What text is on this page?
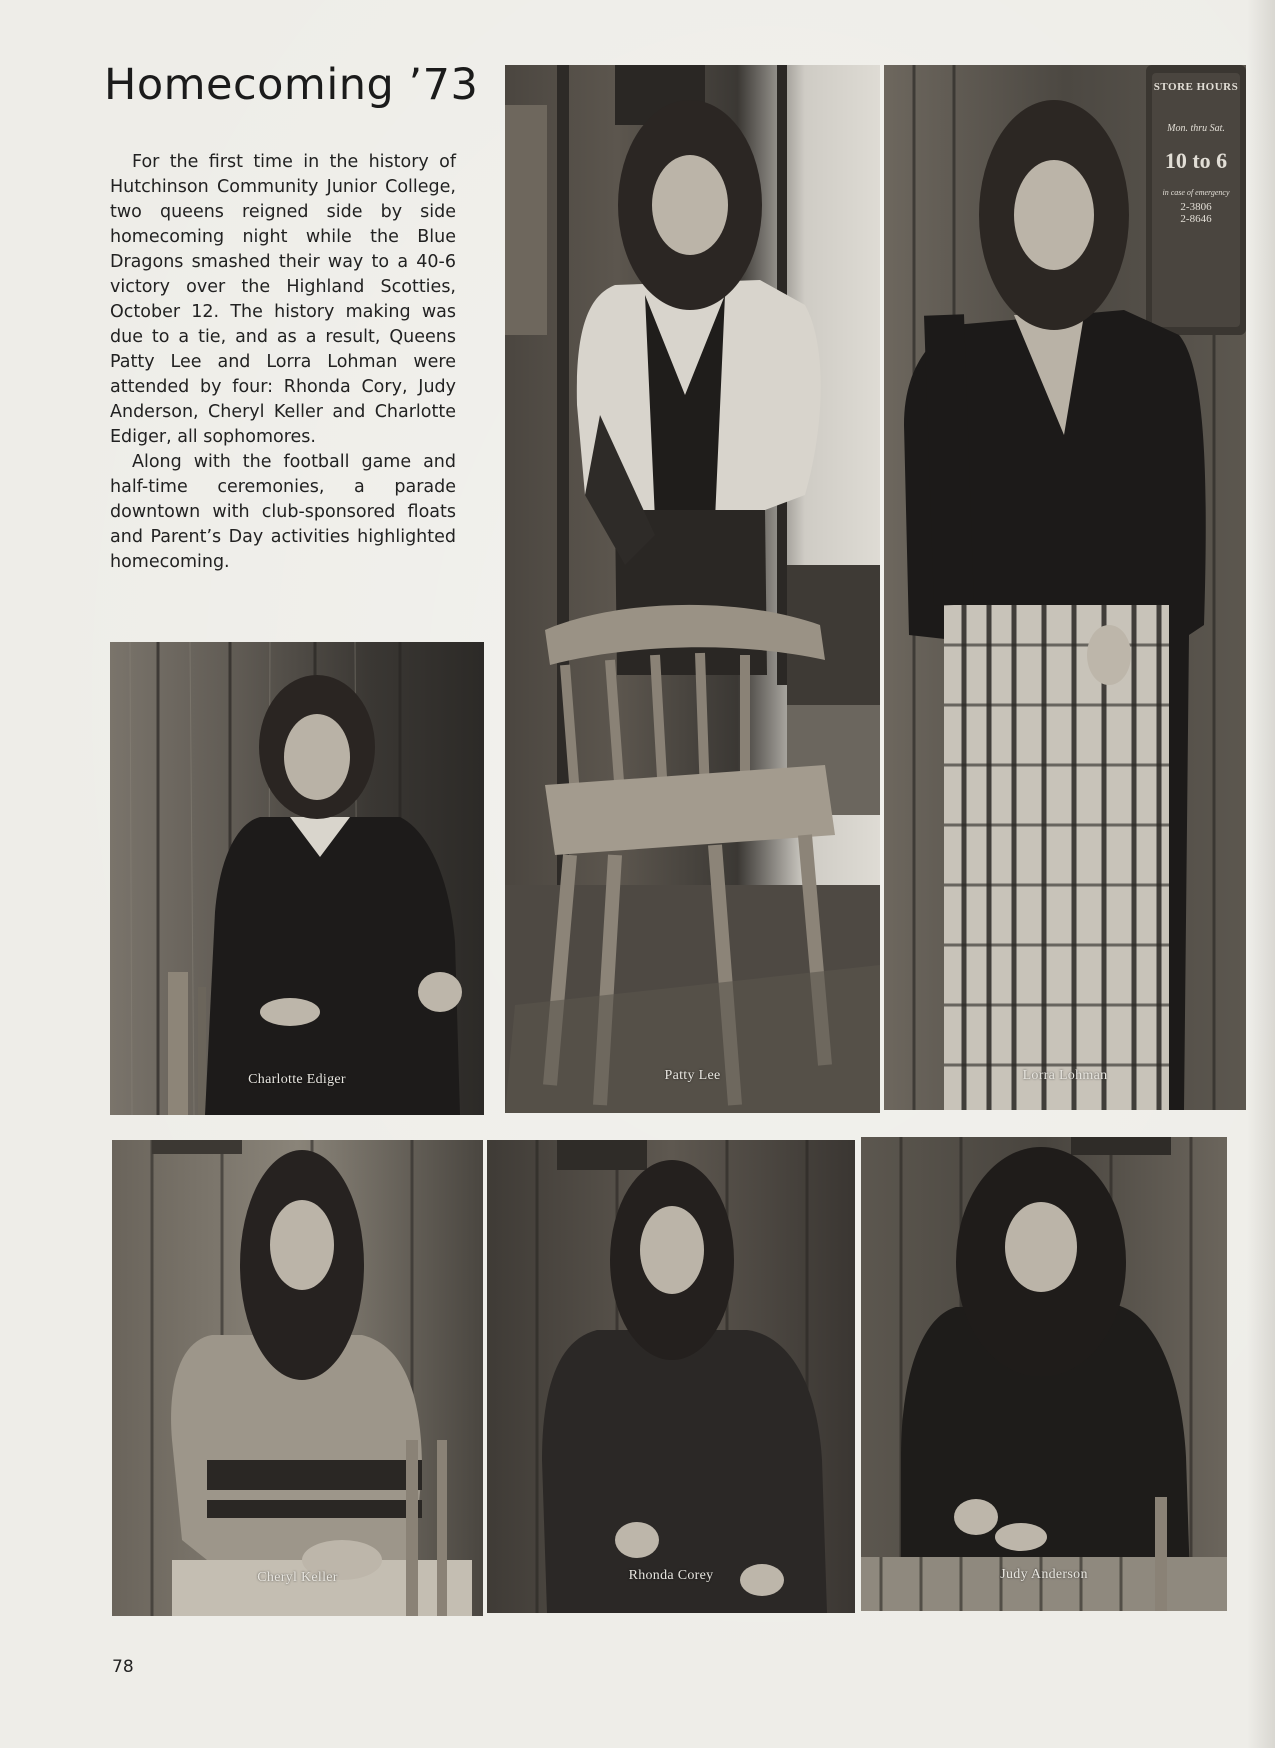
Homecoming ’73

For the first time in the history of Hutchinson Community Junior College, two queens reigned side by side homecoming night while the Blue Dragons smashed their way to a 40-6 victory over the Highland Scotties, October 12. The history making was due to a tie, and as a result, Queens Patty Lee and Lorra Lohman were attended by four: Rhonda Cory, Judy Anderson, Cheryl Keller and Charlotte Ediger, all sophomores.

Along with the football game and half-time ceremonies, a parade downtown with club-sponsored floats and Parent’s Day activities highlighted homecoming.

Charlotte Ediger	Patty Lee
STORE HOURS
Mon. thru Sat.
10 to 6
in case of emergency
2-3806
2-8646
Lorra Lohman
Cheryl Keller	Rhonda Corey	Judy Anderson
78
